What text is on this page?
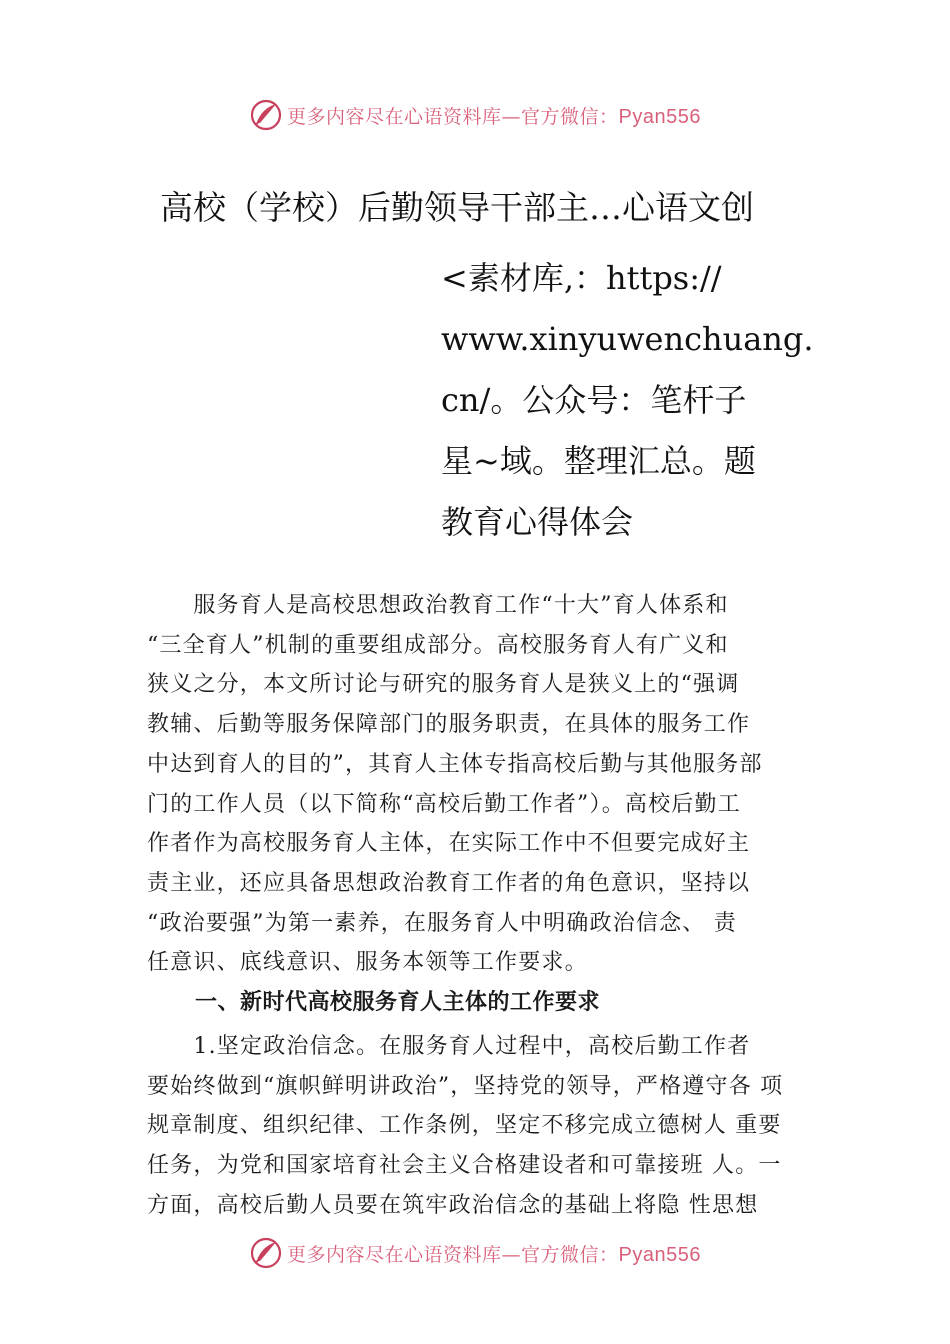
更多内容尽在心语资料库—官方微信：Pyan556
高校（学校）后勤领导干部主…心语文创
<素材库,：https://
www.xinyuwenchuang.
cn/。公众号：笔杆子
星~域。整理汇总。题
教育心得体会
　　服务育人是高校思想政治教育工作“十大”育人体系和
“三全育人”机制的重要组成部分。高校服务育人有广义和
狭义之分，本文所讨论与研究的服务育人是狭义上的“强调
教辅、后勤等服务保障部门的服务职责，在具体的服务工作
中达到育人的目的”，其育人主体专指高校后勤与其他服务部
门的工作人员（以下简称“高校后勤工作者”）。高校后勤工
作者作为高校服务育人主体，在实际工作中不但要完成好主
责主业，还应具备思想政治教育工作者的角色意识，坚持以
“政治要强”为第一素养，在服务育人中明确政治信念、 责
任意识、底线意识、服务本领等工作要求。
一、新时代高校服务育人主体的工作要求
　　1.坚定政治信念。在服务育人过程中，高校后勤工作者
要始终做到“旗帜鲜明讲政治”，坚持党的领导，严格遵守各 项
规章制度、组织纪律、工作条例，坚定不移完成立德树人 重要
任务，为党和国家培育社会主义合格建设者和可靠接班 人。一
方面，高校后勤人员要在筑牢政治信念的基础上将隐 性思想
更多内容尽在心语资料库—官方微信：Pyan556
